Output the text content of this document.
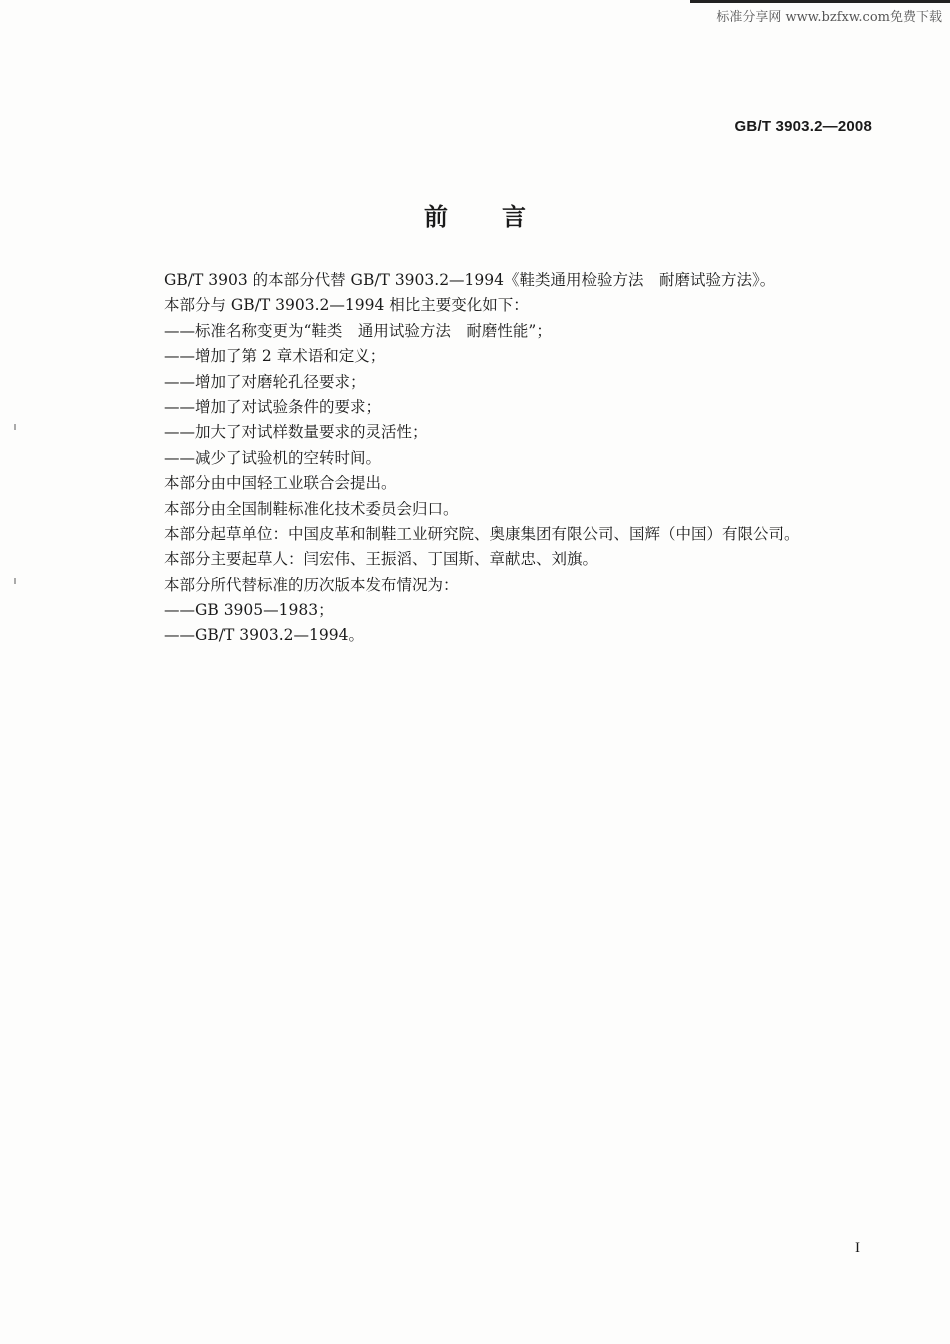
标准分享网 www.bzfxw.com免费下载
GB/T 3903.2—2008
前言
GB/T 3903 的本部分代替 GB/T 3903.2—1994《鞋类通用检验方法　耐磨试验方法》。
本部分与 GB/T 3903.2—1994 相比主要变化如下：
——标准名称变更为“鞋类　通用试验方法　耐磨性能”；
——增加了第 2 章术语和定义；
——增加了对磨轮孔径要求；
——增加了对试验条件的要求；
——加大了对试样数量要求的灵活性；
——减少了试验机的空转时间。
本部分由中国轻工业联合会提出。
本部分由全国制鞋标准化技术委员会归口。
本部分起草单位：中国皮革和制鞋工业研究院、奥康集团有限公司、国辉（中国）有限公司。
本部分主要起草人：闫宏伟、王振滔、丁国斯、章献忠、刘旗。
本部分所代替标准的历次版本发布情况为：
——GB 3905—1983；
——GB/T 3903.2—1994。
I
